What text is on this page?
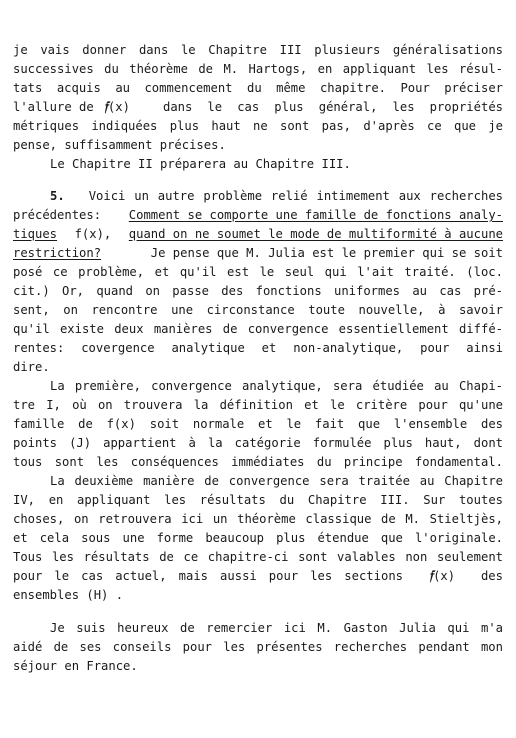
je vais donner dans le Chapitre III plusieurs généralisations
successives du théorème de M. Hartogs, en appliquant les résul-
tats acquis au commencement du même chapitre. Pour préciser
l'allure de 𝔣(x)	dans le cas plus général, les propriétés
métriques indiquées plus haut ne sont pas, d'après ce que je
pense, suffisamment précises.
Le Chapitre II préparera au Chapitre III.
5. Voici un autre problème relié intimement aux recherches
précédentes: Comment se comporte une famille de fonctions analy-
tiques f(x), quand on ne soumet le mode de multiformité à aucune
restriction?	Je pense que M. Julia est le premier qui se soit
posé ce problème, et qu'il est le seul qui l'ait traité. (loc.
cit.) Or, quand on passe des fonctions uniformes au cas pré-
sent, on rencontre une circonstance toute nouvelle, à savoir
qu'il existe deux manières de convergence essentiellement diffé-
rentes: covergence analytique et non-analytique, pour ainsi
dire.
La première, convergence analytique, sera étudiée au Chapi-
tre I, où on trouvera la définition et le critère pour qu'une
famille de f(x) soit normale et le fait que l'ensemble des
points (J) appartient à la catégorie formulée plus haut, dont
tous sont les conséquences immédiates du principe fondamental.
La deuxième manière de convergence sera traitée au Chapitre
IV, en appliquant les résultats du Chapitre III. Sur toutes
choses, on retrouvera ici un théorème classique de M. Stieltjès,
et cela sous une forme beaucoup plus étendue que l'originale.
Tous les résultats de ce chapitre-ci sont valables non seulement
pour le cas actuel, mais aussi pour les sections 𝔣(x) des
ensembles (H) .
Je suis heureux de remercier ici M. Gaston Julia qui m'a
aidé de ses conseils pour les présentes recherches pendant mon
séjour en France.
